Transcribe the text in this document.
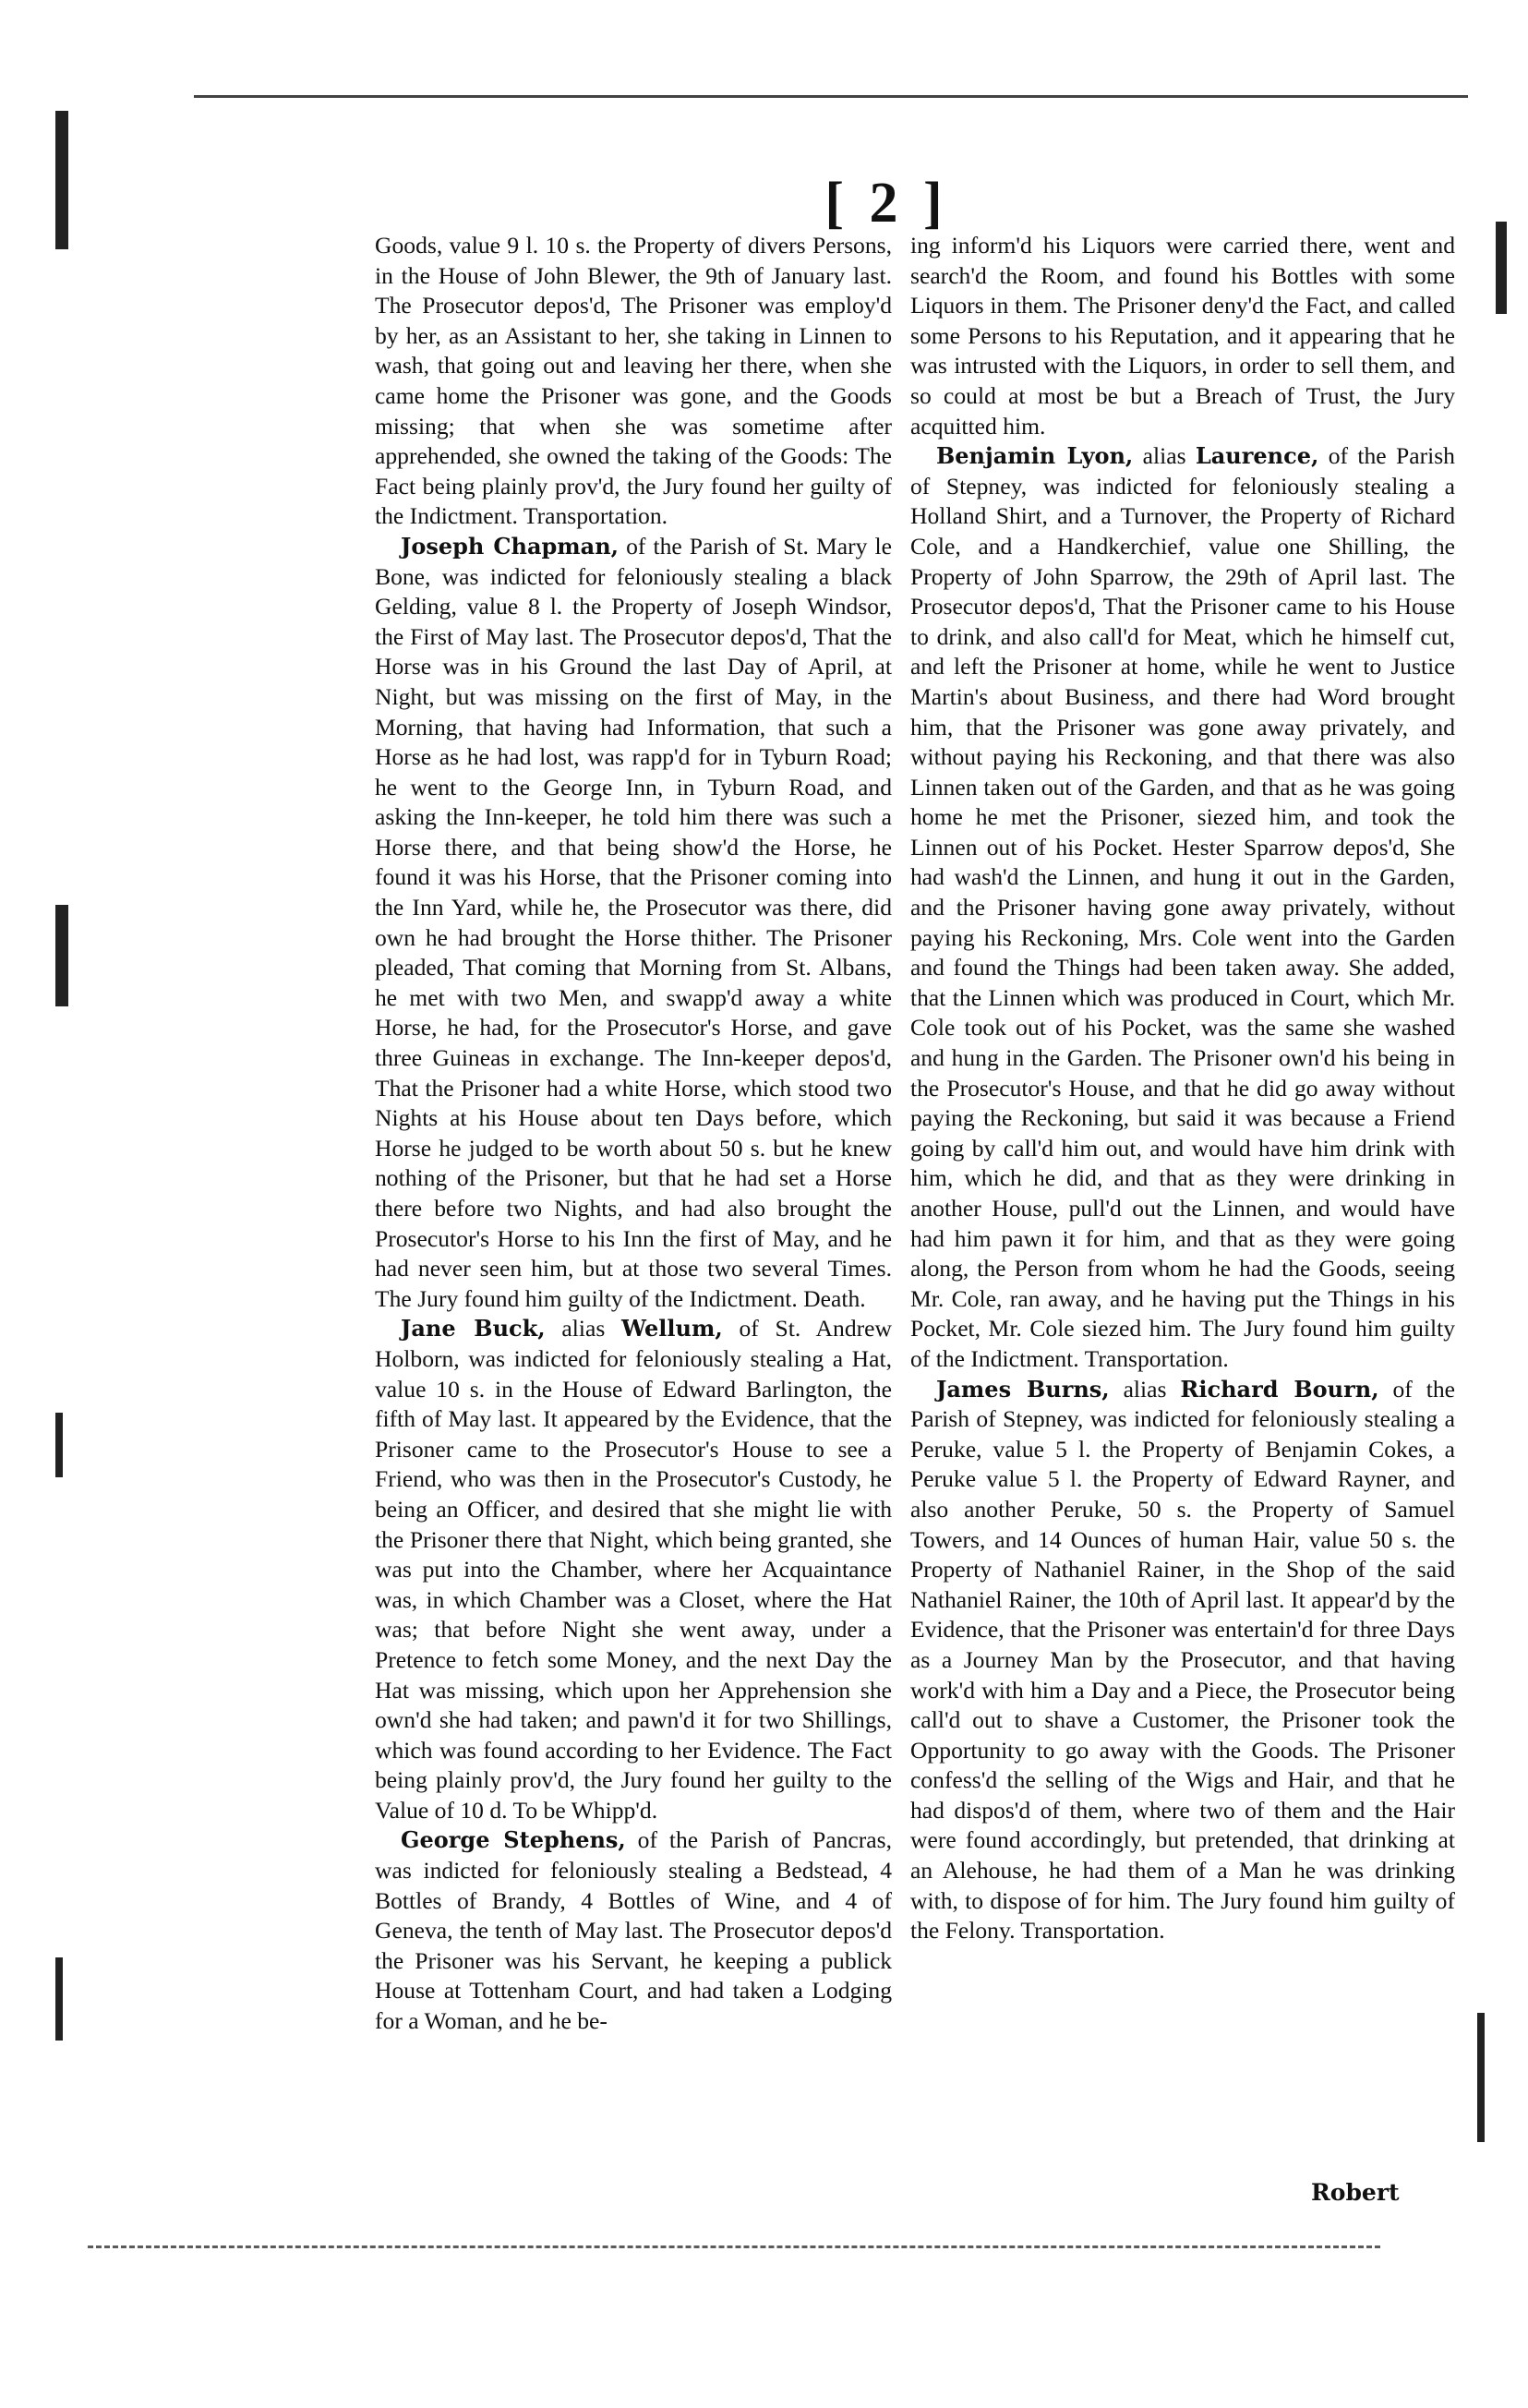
[ 2 ]

Goods, value 9 l. 10 s. the Property of divers Persons, in the House of John Blewer, the 9th of January last. The Prosecutor depos'd, The Prisoner was employ'd by her, as an Assistant to her, she taking in Linnen to wash, that going out and leaving her there, when she came home the Prisoner was gone, and the Goods missing; that when she was sometime after apprehended, she owned the taking of the Goods: The Fact being plainly prov'd, the Jury found her guilty of the Indictment. Transportation.

Joseph Chapman, of the Parish of St. Mary le Bone, was indicted for feloniously stealing a black Gelding, value 8 l. the Property of Joseph Windsor, the First of May last. The Prosecutor depos'd, That the Horse was in his Ground the last Day of April, at Night, but was missing on the first of May, in the Morning, that having had Information, that such a Horse as he had lost, was rapp'd for in Tyburn Road; he went to the George Inn, in Tyburn Road, and asking the Inn-keeper, he told him there was such a Horse there, and that being show'd the Horse, he found it was his Horse, that the Prisoner coming into the Inn Yard, while he, the Prosecutor was there, did own he had brought the Horse thither. The Prisoner pleaded, That coming that Morning from St. Albans, he met with two Men, and swapp'd away a white Horse, he had, for the Prosecutor's Horse, and gave three Guineas in exchange. The Inn-keeper depos'd, That the Prisoner had a white Horse, which stood two Nights at his House about ten Days before, which Horse he judged to be worth about 50 s. but he knew nothing of the Prisoner, but that he had set a Horse there before two Nights, and had also brought the Prosecutor's Horse to his Inn the first of May, and he had never seen him, but at those two several Times. The Jury found him guilty of the Indictment. Death.

Jane Buck, alias Wellum, of St. Andrew Holborn, was indicted for feloniously stealing a Hat, value 10 s. in the House of Edward Barlington, the fifth of May last. It appeared by the Evidence, that the Prisoner came to the Prosecutor's House to see a Friend, who was then in the Prosecutor's Custody, he being an Officer, and desired that she might lie with the Prisoner there that Night, which being granted, she was put into the Chamber, where her Acquaintance was, in which Chamber was a Closet, where the Hat was; that before Night she went away, under a Pretence to fetch some Money, and the next Day the Hat was missing, which upon her Apprehension she own'd she had taken; and pawn'd it for two Shillings, which was found according to her Evidence. The Fact being plainly prov'd, the Jury found her guilty to the Value of 10 d. To be Whipp'd.

George Stephens, of the Parish of Pancras, was indicted for feloniously stealing a Bedstead, 4 Bottles of Brandy, 4 Bottles of Wine, and 4 of Geneva, the tenth of May last. The Prosecutor depos'd the Prisoner was his Servant, he keeping a publick House at Tottenham Court, and had taken a Lodging for a Woman, and he be-

ing inform'd his Liquors were carried there, went and search'd the Room, and found his Bottles with some Liquors in them. The Prisoner deny'd the Fact, and called some Persons to his Reputation, and it appearing that he was intrusted with the Liquors, in order to sell them, and so could at most be but a Breach of Trust, the Jury acquitted him.

Benjamin Lyon, alias Laurence, of the Parish of Stepney, was indicted for feloniously stealing a Holland Shirt, and a Turnover, the Property of Richard Cole, and a Handkerchief, value one Shilling, the Property of John Sparrow, the 29th of April last. The Prosecutor depos'd, That the Prisoner came to his House to drink, and also call'd for Meat, which he himself cut, and left the Prisoner at home, while he went to Justice Martin's about Business, and there had Word brought him, that the Prisoner was gone away privately, and without paying his Reckoning, and that there was also Linnen taken out of the Garden, and that as he was going home he met the Prisoner, siezed him, and took the Linnen out of his Pocket. Hester Sparrow depos'd, She had wash'd the Linnen, and hung it out in the Garden, and the Prisoner having gone away privately, without paying his Reckoning, Mrs. Cole went into the Garden and found the Things had been taken away. She added, that the Linnen which was produced in Court, which Mr. Cole took out of his Pocket, was the same she washed and hung in the Garden. The Prisoner own'd his being in the Prosecutor's House, and that he did go away without paying the Reckoning, but said it was because a Friend going by call'd him out, and would have him drink with him, which he did, and that as they were drinking in another House, pull'd out the Linnen, and would have had him pawn it for him, and that as they were going along, the Person from whom he had the Goods, seeing Mr. Cole, ran away, and he having put the Things in his Pocket, Mr. Cole siezed him. The Jury found him guilty of the Indictment. Transportation.

James Burns, alias Richard Bourn, of the Parish of Stepney, was indicted for feloniously stealing a Peruke, value 5 l. the Property of Benjamin Cokes, a Peruke value 5 l. the Property of Edward Rayner, and also another Peruke, 50 s. the Property of Samuel Towers, and 14 Ounces of human Hair, value 50 s. the Property of Nathaniel Rainer, in the Shop of the said Nathaniel Rainer, the 10th of April last. It appear'd by the Evidence, that the Prisoner was entertain'd for three Days as a Journey Man by the Prosecutor, and that having work'd with him a Day and a Piece, the Prosecutor being call'd out to shave a Customer, the Prisoner took the Opportunity to go away with the Goods. The Prisoner confess'd the selling of the Wigs and Hair, and that he had dispos'd of them, where two of them and the Hair were found accordingly, but pretended, that drinking at an Alehouse, he had them of a Man he was drinking with, to dispose of for him. The Jury found him guilty of the Felony. Transportation.

Robert
